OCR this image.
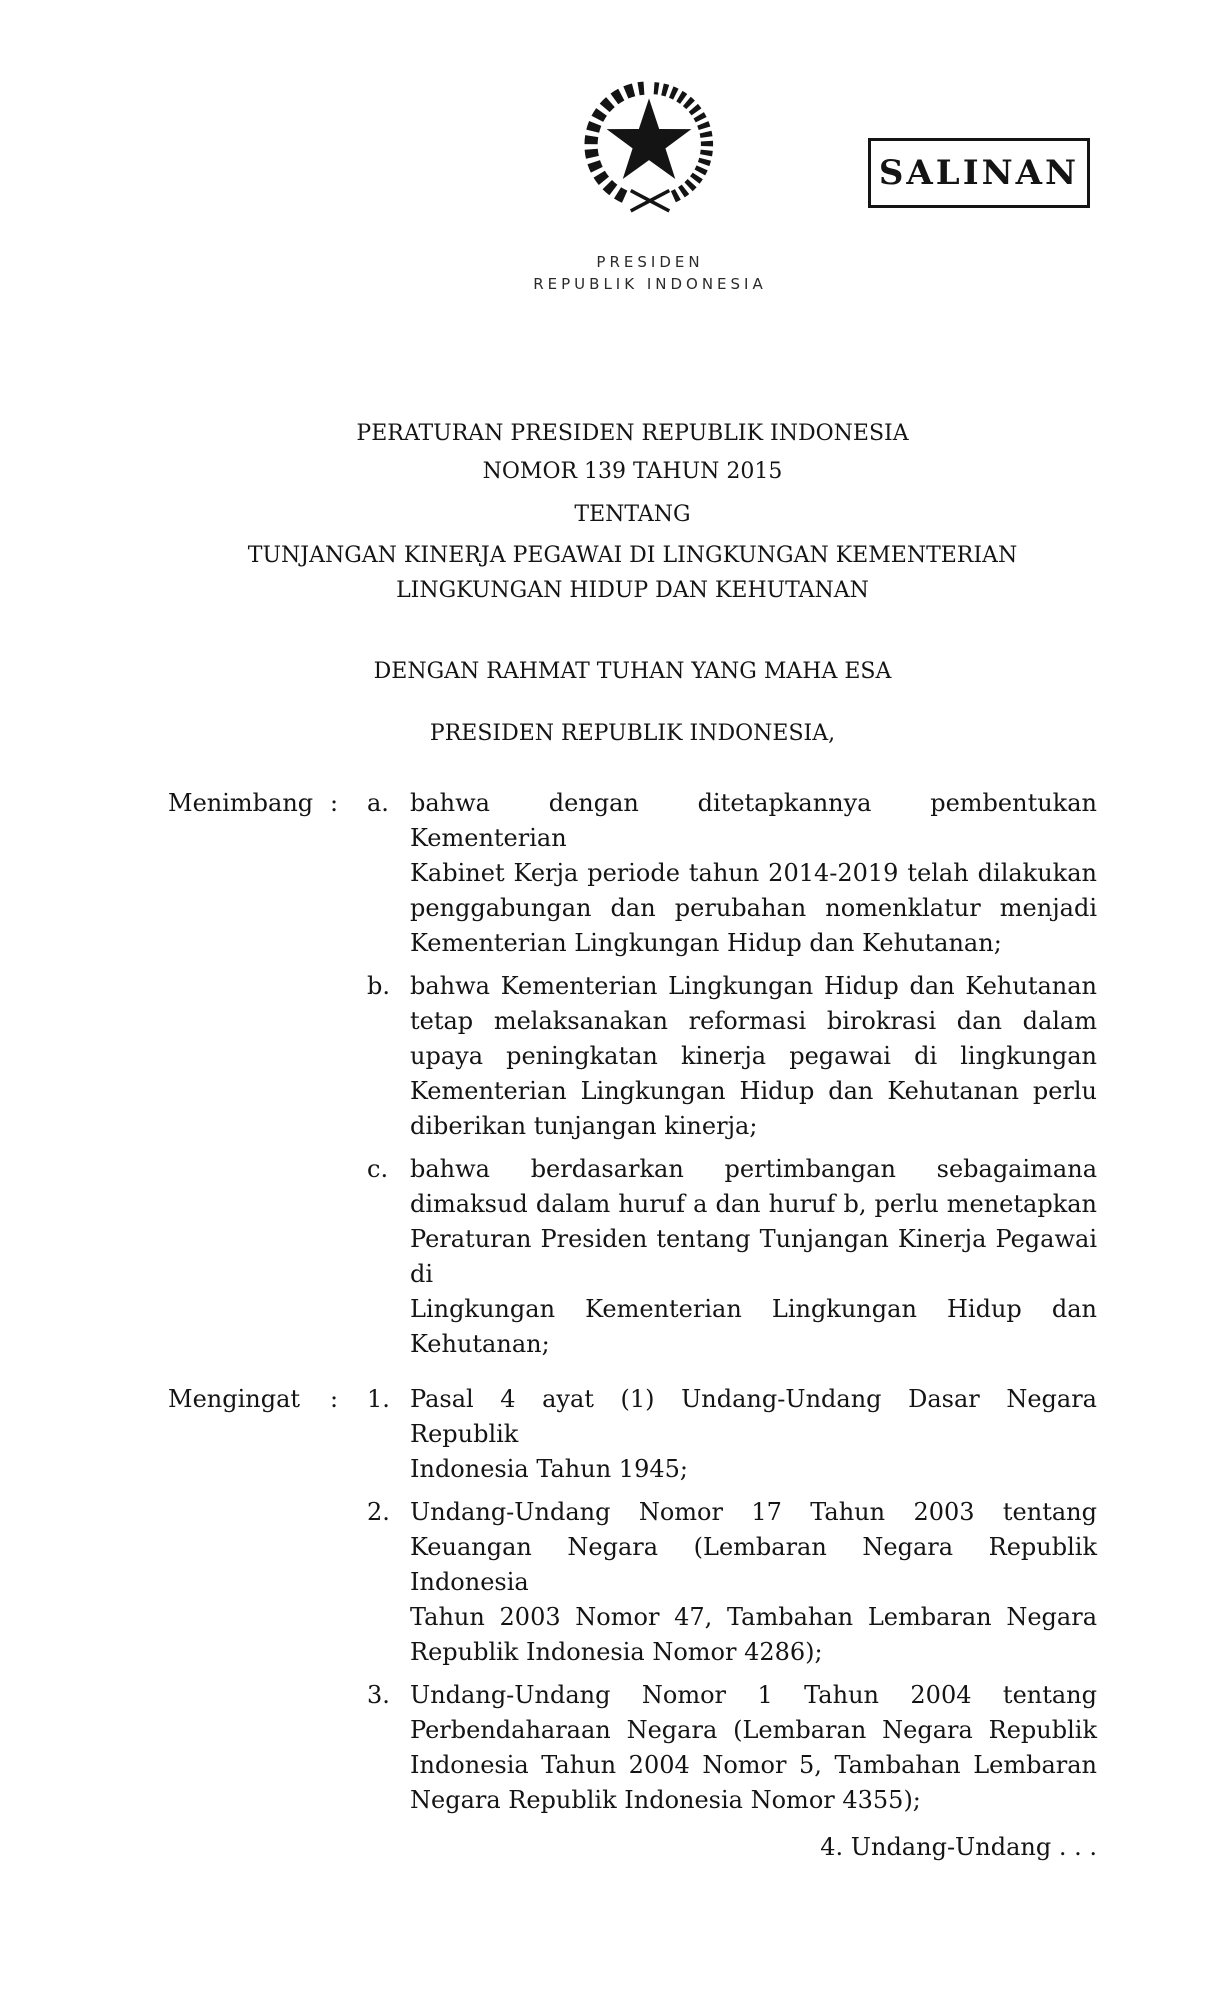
PRESIDEN
REPUBLIK INDONESIA
SALINAN
PERATURAN PRESIDEN REPUBLIK INDONESIA
NOMOR 139 TAHUN 2015
TENTANG
TUNJANGAN KINERJA PEGAWAI DI LINGKUNGAN KEMENTERIAN
LINGKUNGAN HIDUP DAN KEHUTANAN
DENGAN RAHMAT TUHAN YANG MAHA ESA
PRESIDEN REPUBLIK INDONESIA,
Menimbang :	a. bahwa dengan ditetapkannya pembentukan Kementerian
Kabinet Kerja periode tahun 2014-2019 telah dilakukan
penggabungan dan perubahan nomenklatur menjadi
Kementerian Lingkungan Hidup dan Kehutanan;
b. bahwa Kementerian Lingkungan Hidup dan Kehutanan
tetap melaksanakan reformasi birokrasi dan dalam
upaya peningkatan kinerja pegawai di lingkungan
Kementerian Lingkungan Hidup dan Kehutanan perlu
diberikan tunjangan kinerja;
c. bahwa berdasarkan pertimbangan sebagaimana
dimaksud dalam huruf a dan huruf b, perlu menetapkan
Peraturan Presiden tentang Tunjangan Kinerja Pegawai di
Lingkungan Kementerian Lingkungan Hidup dan
Kehutanan;
Mengingat	:	1. Pasal 4 ayat (1) Undang-Undang Dasar Negara Republik
Indonesia Tahun 1945;
2. Undang-Undang Nomor 17 Tahun 2003 tentang
Keuangan Negara (Lembaran Negara Republik Indonesia
Tahun 2003 Nomor 47, Tambahan Lembaran Negara
Republik Indonesia Nomor 4286);
3. Undang-Undang Nomor 1 Tahun 2004 tentang
Perbendaharaan Negara (Lembaran Negara Republik
Indonesia Tahun 2004 Nomor 5, Tambahan Lembaran
Negara Republik Indonesia Nomor 4355);
4. Undang-Undang . . .
